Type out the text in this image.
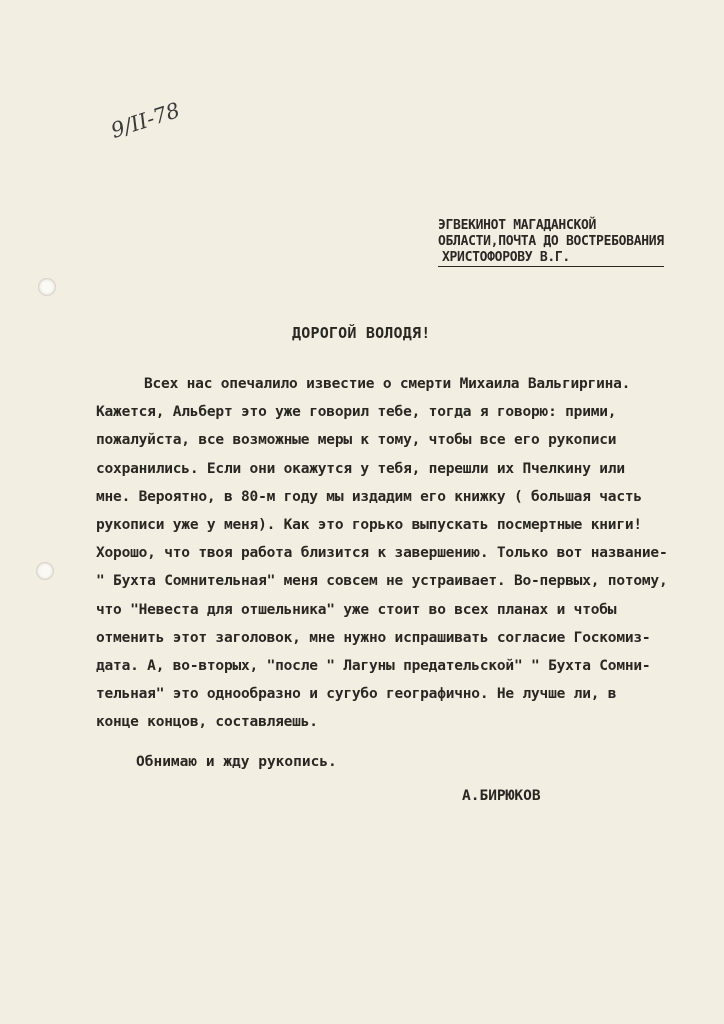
9/II-78
ЭГВЕКИНОТ МАГАДАНСКОЙ
ОБЛАСТИ,ПОЧТА ДО ВОСТРЕБОВАНИЯ
ХРИСТОФОРОВУ В.Г.
ДОРОГОЙ ВОЛОДЯ!
Всех нас опечалило известие о смерти Михаила Вальгиргина.
Кажется, Альберт это уже говорил тебе, тогда я говорю: прими,
пожалуйста, все возможные меры к тому, чтобы все его рукописи
сохранились. Если они окажутся у тебя, перешли их Пчелкину или
мне. Вероятно, в 80-м году мы издадим его книжку ( большая часть
рукописи уже у меня). Как это горько выпускать посмертные книги!
Хорошо, что твоя работа близится к завершению. Только вот название-
" Бухта Сомнительная" меня совсем не устраивает. Во-первых, потому,
что "Невеста для отшельника" уже стоит во всех планах и чтобы
отменить этот заголовок, мне нужно испрашивать согласие Госкомиз-
дата. А, во-вторых, "после " Лагуны предательской" " Бухта Сомни-
тельная" это однообразно и сугубо географично. Не лучше ли, в
конце концов, составляешь.
Обнимаю и жду рукопись.
А.БИРЮКОВ
